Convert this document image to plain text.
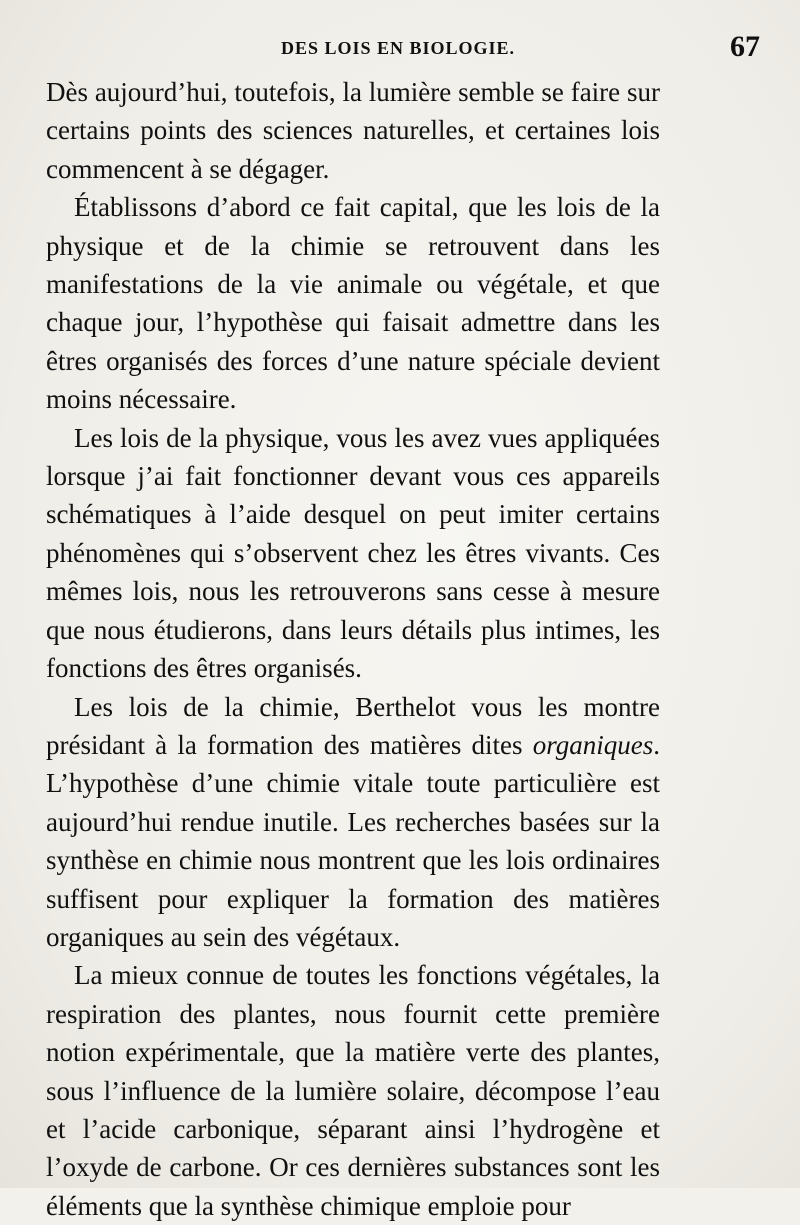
DES LOIS EN BIOLOGIE.	67

Dès aujourd’hui, toutefois, la lumière semble se faire sur certains points des sciences naturelles, et certaines lois commencent à se dégager.

Établissons d’abord ce fait capital, que les lois de la physique et de la chimie se retrouvent dans les manifestations de la vie animale ou végétale, et que chaque jour, l’hypothèse qui faisait admettre dans les êtres organisés des forces d’une nature spéciale devient moins nécessaire.

Les lois de la physique, vous les avez vues appliquées lorsque j’ai fait fonctionner devant vous ces appareils schématiques à l’aide desquel on peut imiter certains phénomènes qui s’observent chez les êtres vivants. Ces mêmes lois, nous les retrouverons sans cesse à mesure que nous étudierons, dans leurs détails plus intimes, les fonctions des êtres organisés.

Les lois de la chimie, Berthelot vous les montre présidant à la formation des matières dites organiques. L’hypothèse d’une chimie vitale toute particulière est aujourd’hui rendue inutile. Les recherches basées sur la synthèse en chimie nous montrent que les lois ordinaires suffisent pour expliquer la formation des matières organiques au sein des végétaux.

La mieux connue de toutes les fonctions végétales, la respiration des plantes, nous fournit cette première notion expérimentale, que la matière verte des plantes, sous l’influence de la lumière solaire, décompose l’eau et l’acide carbonique, séparant ainsi l’hydrogène et l’oxyde de carbone. Or ces dernières substances sont les éléments que la synthèse chimique emploie pour
